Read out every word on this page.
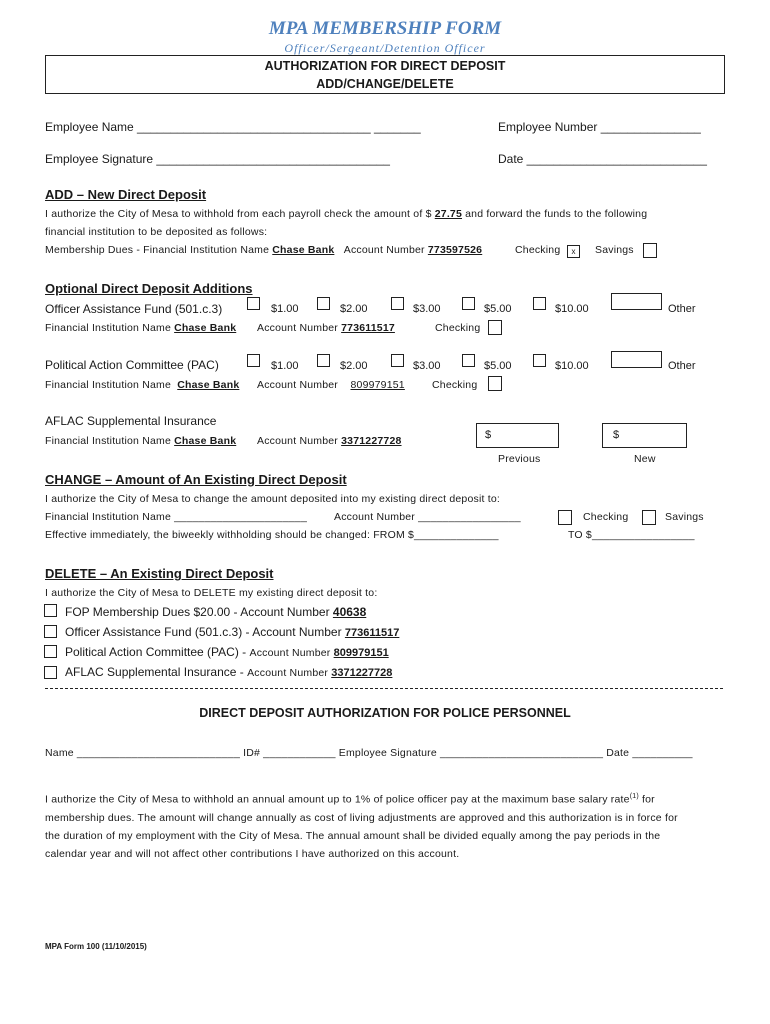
MPA MEMBERSHIP FORM
Officer/Sergeant/Detention Officer
AUTHORIZATION FOR DIRECT DEPOSIT
ADD/CHANGE/DELETE
Employee Name ___________________________________ _______	Employee Number _______________
Employee Signature ___________________________________	Date ___________________________
ADD – New Direct Deposit
I authorize the City of Mesa to withhold from each payroll check the amount of $ 27.75 and forward the funds to the following
financial institution to be deposited as follows:
Membership Dues - Financial Institution Name Chase Bank Account Number 773597526	Checking	x	Savings
Optional Direct Deposit Additions
Officer Assistance Fund (501.c.3)	$1.00	$2.00	$3.00	$5.00	$10.00	Other
Financial Institution Name Chase Bank Account Number 773611517	Checking
Political Action Committee (PAC)	$1.00	$2.00	$3.00	$5.00	$10.00	Other
Financial Institution Name  Chase Bank Account Number    809979151	Checking
AFLAC Supplemental Insurance
Financial Institution Name Chase Bank Account Number 3371227728	$
Previous
$
New
CHANGE – Amount of An Existing Direct Deposit
I authorize the City of Mesa to change the amount deposited into my existing direct deposit to:
Financial Institution Name ______________________	Account Number _________________	Checking	Savings
Effective immediately, the biweekly withholding should be changed: FROM $______________	TO $_________________
DELETE – An Existing Direct Deposit
I authorize the City of Mesa to DELETE my existing direct deposit to:
FOP Membership Dues $20.00 - Account Number 40638
Officer Assistance Fund (501.c.3) - Account Number 773611517
Political Action Committee (PAC) - Account Number 809979151
AFLAC Supplemental Insurance - Account Number 3371227728
DIRECT DEPOSIT AUTHORIZATION FOR POLICE PERSONNEL
Name ___________________________ ID# ____________ Employee Signature ___________________________ Date __________
I authorize the City of Mesa to withhold an annual amount up to 1% of police officer pay at the maximum base salary rate$^{(1)}$ for
membership dues. The amount will change annually as cost of living adjustments are approved and this authorization is in force for
the duration of my employment with the City of Mesa. The annual amount shall be divided equally among the pay periods in the
calendar year and will not affect other contributions I have authorized on this account.
MPA Form 100 (11/10/2015)
